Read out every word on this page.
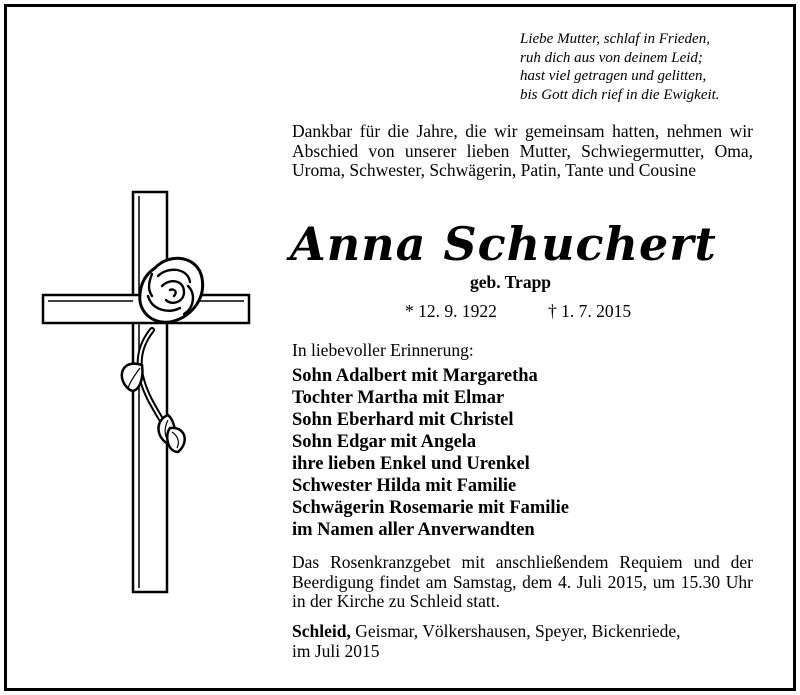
Liebe Mutter, schlaf in Frieden,
ruh dich aus von deinem Leid;
hast viel getragen und gelitten,
bis Gott dich rief in die Ewigkeit.
Dankbar für die Jahre, die wir gemeinsam hatten, nehmen wir Abschied von unserer lieben Mutter, Schwiegermutter, Oma, Uroma, Schwester, Schwägerin, Patin, Tante und Cousine
Anna Schuchert
geb. Trapp
* 12. 9. 1922	† 1. 7. 2015
In liebevoller Erinnerung:
Sohn Adalbert mit Margaretha
Tochter Martha mit Elmar
Sohn Eberhard mit Christel
Sohn Edgar mit Angela
ihre lieben Enkel und Urenkel
Schwester Hilda mit Familie
Schwägerin Rosemarie mit Familie
im Namen aller Anverwandten
Das Rosenkranzgebet mit anschließendem Requiem und der Beerdigung findet am Samstag, dem 4. Juli 2015, um 15.30 Uhr in der Kirche zu Schleid statt.
Schleid, Geismar, Völkershausen, Speyer, Bickenriede,
im Juli 2015
